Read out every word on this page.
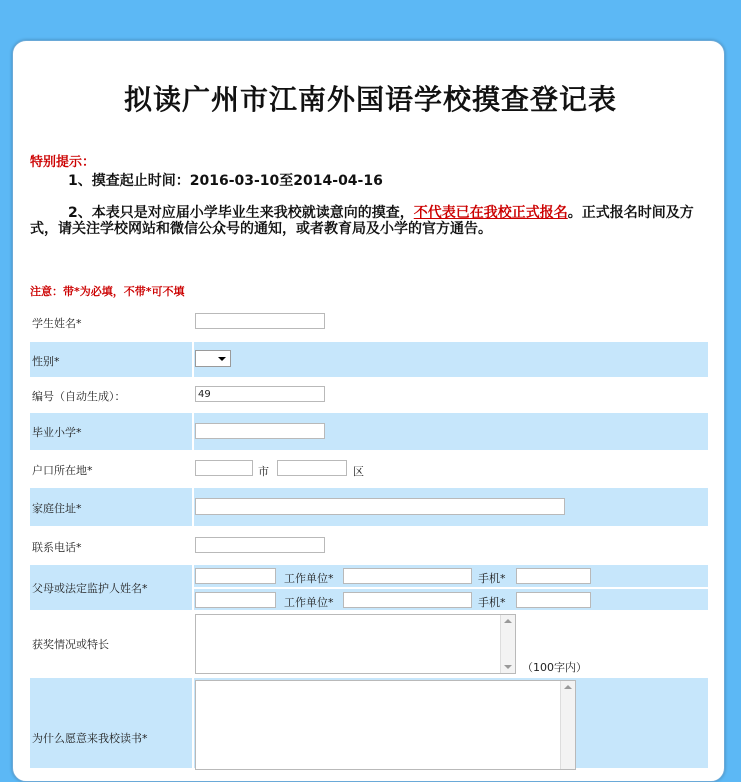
拟读广州市江南外国语学校摸查登记表
特别提示：
1、摸查起止时间：2016-03-10至2014-04-16
2、本表只是对应届小学毕业生来我校就读意向的摸查，不代表已在我校正式报名。正式报名时间及方式，请关注学校网站和微信公众号的通知，或者教育局及小学的官方通告。
注意：带*为必填，不带*可不填
学生姓名*
性别*
编号（自动生成）：	49
毕业小学*
户口所在地*	市	区
家庭住址*
联系电话*
父母或法定监护人姓名*
工作单位*	手机*
工作单位*	手机*
获奖情况或特长
（100字内）
为什么愿意来我校读书*
